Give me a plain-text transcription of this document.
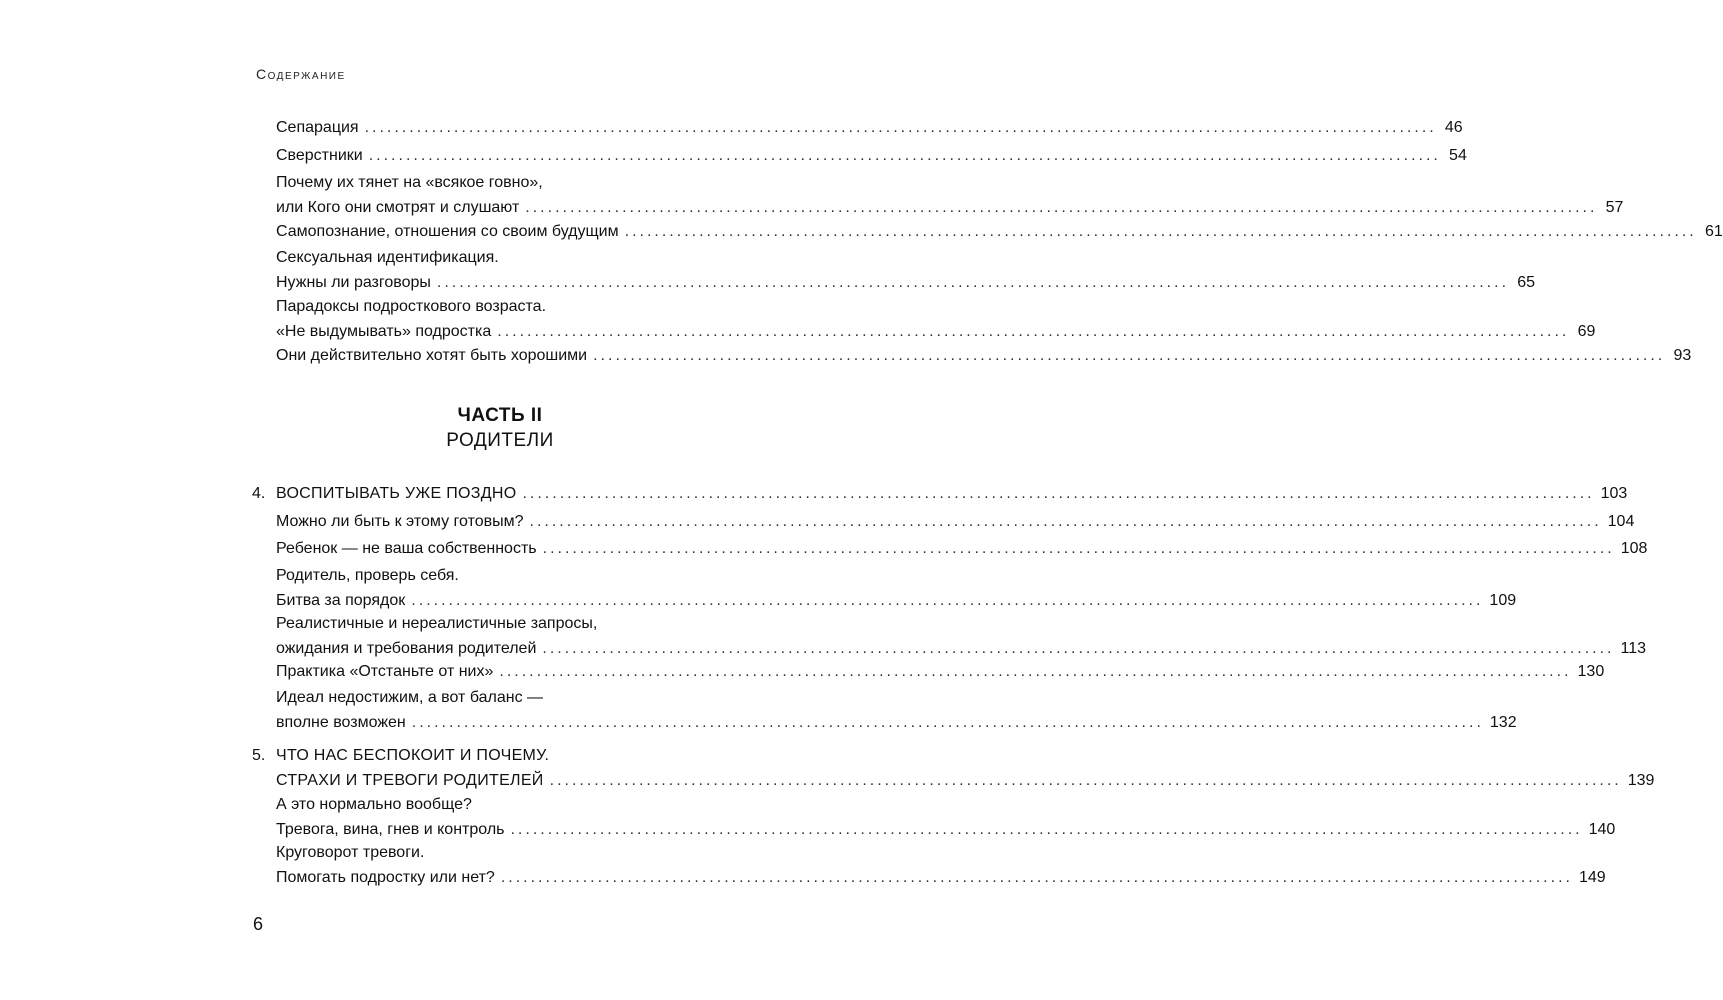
Содержание
Сепарация ................................................................................................................................................ 46
Сверстники ................................................................................................................................................ 54
Почему их тянет на «всякое говно»,
или Кого они смотрят и слушают ................................................................................................................................................ 57
Самопознание, отношения со своим будущим ................................................................................................................................................ 61
Сексуальная идентификация.
Нужны ли разговоры ................................................................................................................................................ 65
Парадоксы подросткового возраста.
«Не выдумывать» подростка ................................................................................................................................................ 69
Они действительно хотят быть хорошими ................................................................................................................................................ 93
ЧАСТЬ II
РОДИТЕЛИ
4. ВОСПИТЫВАТЬ УЖЕ ПОЗДНО ................................................................................................................................................ 103
Можно ли быть к этому готовым? ................................................................................................................................................ 104
Ребенок — не ваша собственность ................................................................................................................................................ 108
Родитель, проверь себя.
Битва за порядок ................................................................................................................................................ 109
Реалистичные и нереалистичные запросы,
ожидания и требования родителей ................................................................................................................................................ 113
Практика «Отстаньте от них» ................................................................................................................................................ 130
Идеал недостижим, а вот баланс —
вполне возможен ................................................................................................................................................ 132
5. ЧТО НАС БЕСПОКОИТ И ПОЧЕМУ.
СТРАХИ И ТРЕВОГИ РОДИТЕЛЕЙ ................................................................................................................................................ 139
А это нормально вообще?
Тревога, вина, гнев и контроль ................................................................................................................................................ 140
Круговорот тревоги.
Помогать подростку или нет? ................................................................................................................................................ 149
6
